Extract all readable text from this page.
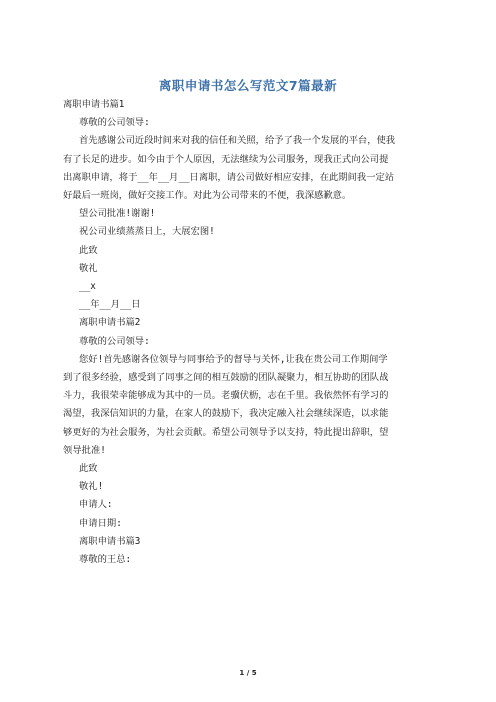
离职申请书怎么写范文7篇最新
离职申请书篇1
尊敬的公司领导:
首先感谢公司近段时间来对我的信任和关照，给予了我一个发展的平台，使我
有了长足的进步。如今由于个人原因，无法继续为公司服务，现我正式向公司提
出离职申请，将于__年__月__日离职，请公司做好相应安排，在此期间我一定站
好最后一班岗，做好交接工作。对此为公司带来的不便，我深感歉意。
望公司批准!谢谢!
祝公司业绩蒸蒸日上，大展宏图!
此致
敬礼
__x
__年__月__日
离职申请书篇2
尊敬的公司领导:
您好!首先感谢各位领导与同事给予的督导与关怀,让我在贵公司工作期间学
到了很多经验，感受到了同事之间的相互鼓励的团队凝聚力，相互协助的团队战
斗力，我很荣幸能够成为其中的一员。老骥伏枥，志在千里。我依然怀有学习的
渴望，我深信知识的力量，在家人的鼓励下，我决定融入社会继续深造，以求能
够更好的为社会服务，为社会贡献。希望公司领导予以支持，特此提出辞职，望
领导批准!
此致
敬礼!
申请人:
申请日期:
离职申请书篇3
尊敬的王总:
1 / 5
